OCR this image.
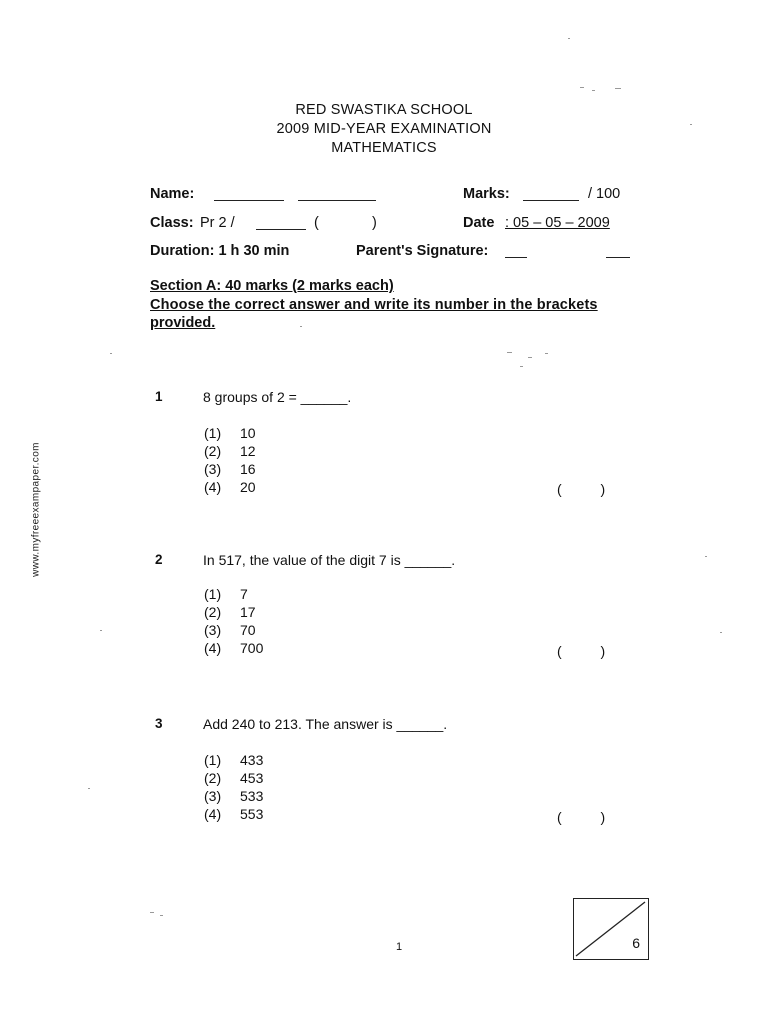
www.myfreeexampaper.com
RED SWASTIKA SCHOOL
2009 MID-YEAR EXAMINATION
MATHEMATICS
Name:	Marks:	/ 100
Class: Pr 2 /	(	)	Date : 05 – 05 – 2009
Duration: 1 h 30 min	Parent's Signature:
Section A: 40 marks (2 marks each)
Choose the correct answer and write its number in the brackets
provided.
1	8 groups of 2 = ______.
(1) 10
(2) 12
(3) 16
(4) 20	(          )
2	In 517, the value of the digit 7 is ______.
(1) 7
(2) 17
(3) 70
(4) 700	(          )
3	Add 240 to 213. The answer is ______.
(1) 433
(2) 453
(3) 533
(4) 553	(          )
1	6
